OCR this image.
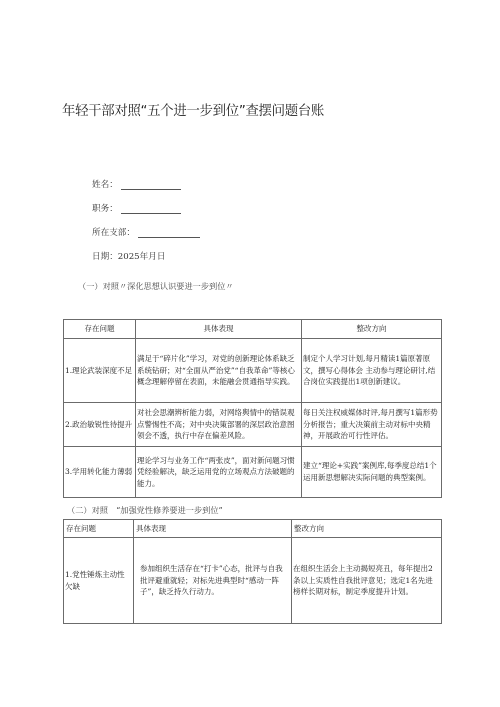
年轻干部对照“五个进一步到位”查摆问题台账
姓名：
职务：
所在支部：
日期：2025年月日
（一）对照〃深化思想认识要进一步到位〃
存在问题	具体表现	整改方向
1.理论武装深度不足	满足于“碎片化”学习，对党的创新理论体系缺乏系统钻研；对“全面从严治党”“自我革命”等核心概念理解停留在表面，未能融会贯通指导实践。	制定个人学习计划,每月精读1篇原著原文，撰写心得体会 主动参与理论研讨,结合岗位实践提出1项创新建议。
2.政治敏锐性待提升	对社会思潮辨析能力弱，对网络舆情中的错误观点警惕性不高；对中央决策部署的深层政治意图领会不透，执行中存在偏差风险。	每日关注权威媒体时评,每月撰写1篇形势分析报告；重大决策前主动对标中央精神，开展政治可行性评估。
3.学用转化能力薄弱	理论学习与业务工作“两张皮”，面对新问题习惯凭经验解决，缺乏运用党的立场观点方法破题的能力。	建立“理论+实践”案例库,每季度总结1个运用新思想解决实际问题的典型案例。
（二）对照　“加强党性修养要进一步到位”
存在问题	具体表现	整改方向
1.党性锤炼主动性欠缺	参加组织生活存在“打卡”心态，批评与自我批评避重就轻；对标先进典型时“感动一阵子”，缺乏持久行动力。	在组织生活会上主动揭短亮丑，每年提出2条以上实质性自我批评意见；选定1名先进榜样长期对标，制定季度提升计划。
